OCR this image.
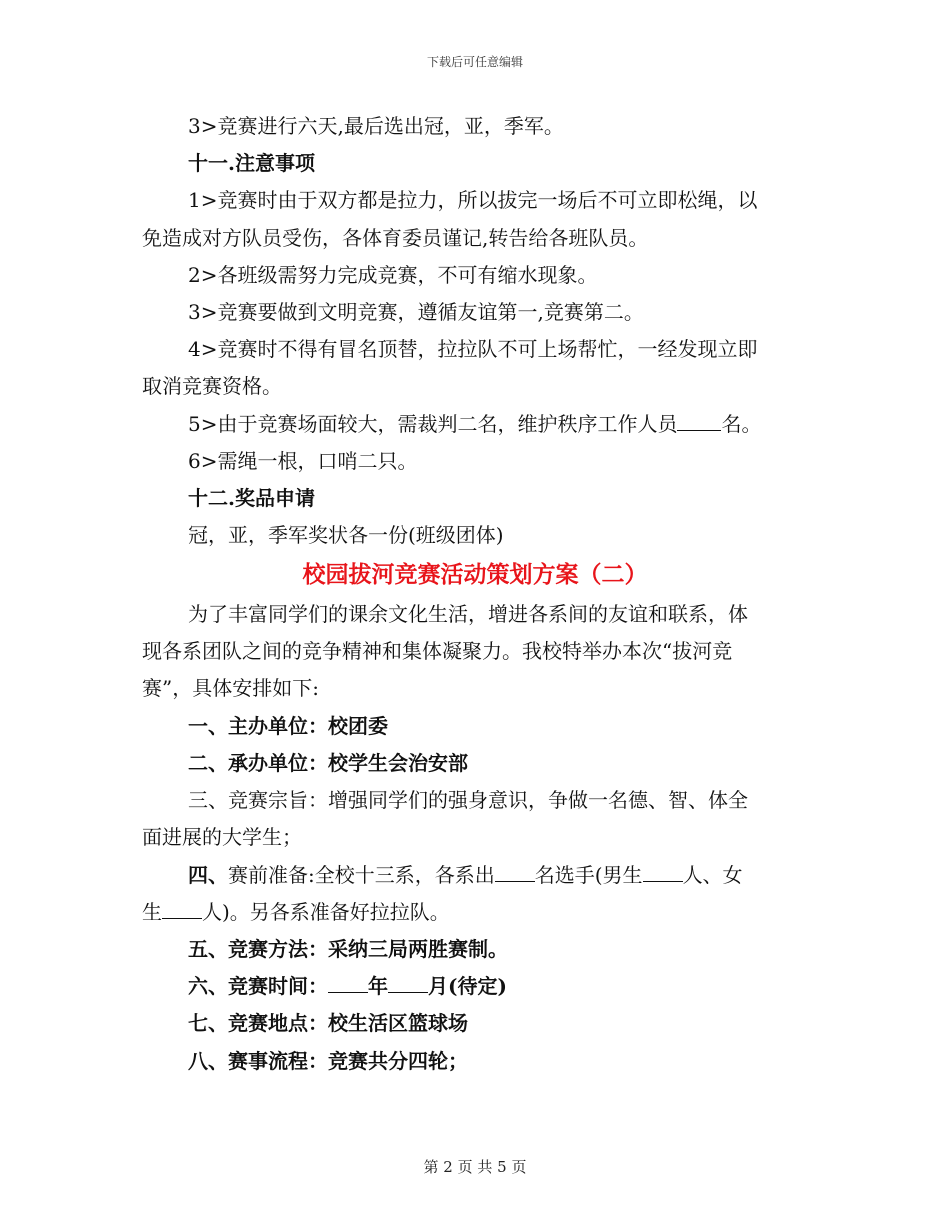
下载后可任意编辑
3>竞赛进行六天,最后选出冠，亚，季军。
十一.注意事项
1>竞赛时由于双方都是拉力，所以拔完一场后不可立即松绳，以
免造成对方队员受伤，各体育委员谨记,转告给各班队员。
2>各班级需努力完成竞赛，不可有缩水现象。
3>竞赛要做到文明竞赛，遵循友谊第一,竞赛第二。
4>竞赛时不得有冒名顶替，拉拉队不可上场帮忙，一经发现立即
取消竞赛资格。
5>由于竞赛场面较大，需裁判二名，维护秩序工作人员 名。
6>需绳一根，口哨二只。
十二.奖品申请
冠，亚，季军奖状各一份(班级团体)
校园拔河竞赛活动策划方案（二）
为了丰富同学们的课余文化生活，增进各系间的友谊和联系，体
现各系团队之间的竞争精神和集体凝聚力。我校特举办本次“拔河竞
赛”，具体安排如下:
一、主办单位：校团委
二、承办单位：校学生会治安部
三、竞赛宗旨：增强同学们的强身意识，争做一名德、智、体全
面进展的大学生；
四、赛前准备:全校十三系，各系出 名选手(男生 人、女
生 人)。另各系准备好拉拉队。
五、竞赛方法：采纳三局两胜赛制。
六、竞赛时间： 年 月(待定)
七、竞赛地点：校生活区篮球场
八、赛事流程：竞赛共分四轮；
第 2 页 共 5 页
